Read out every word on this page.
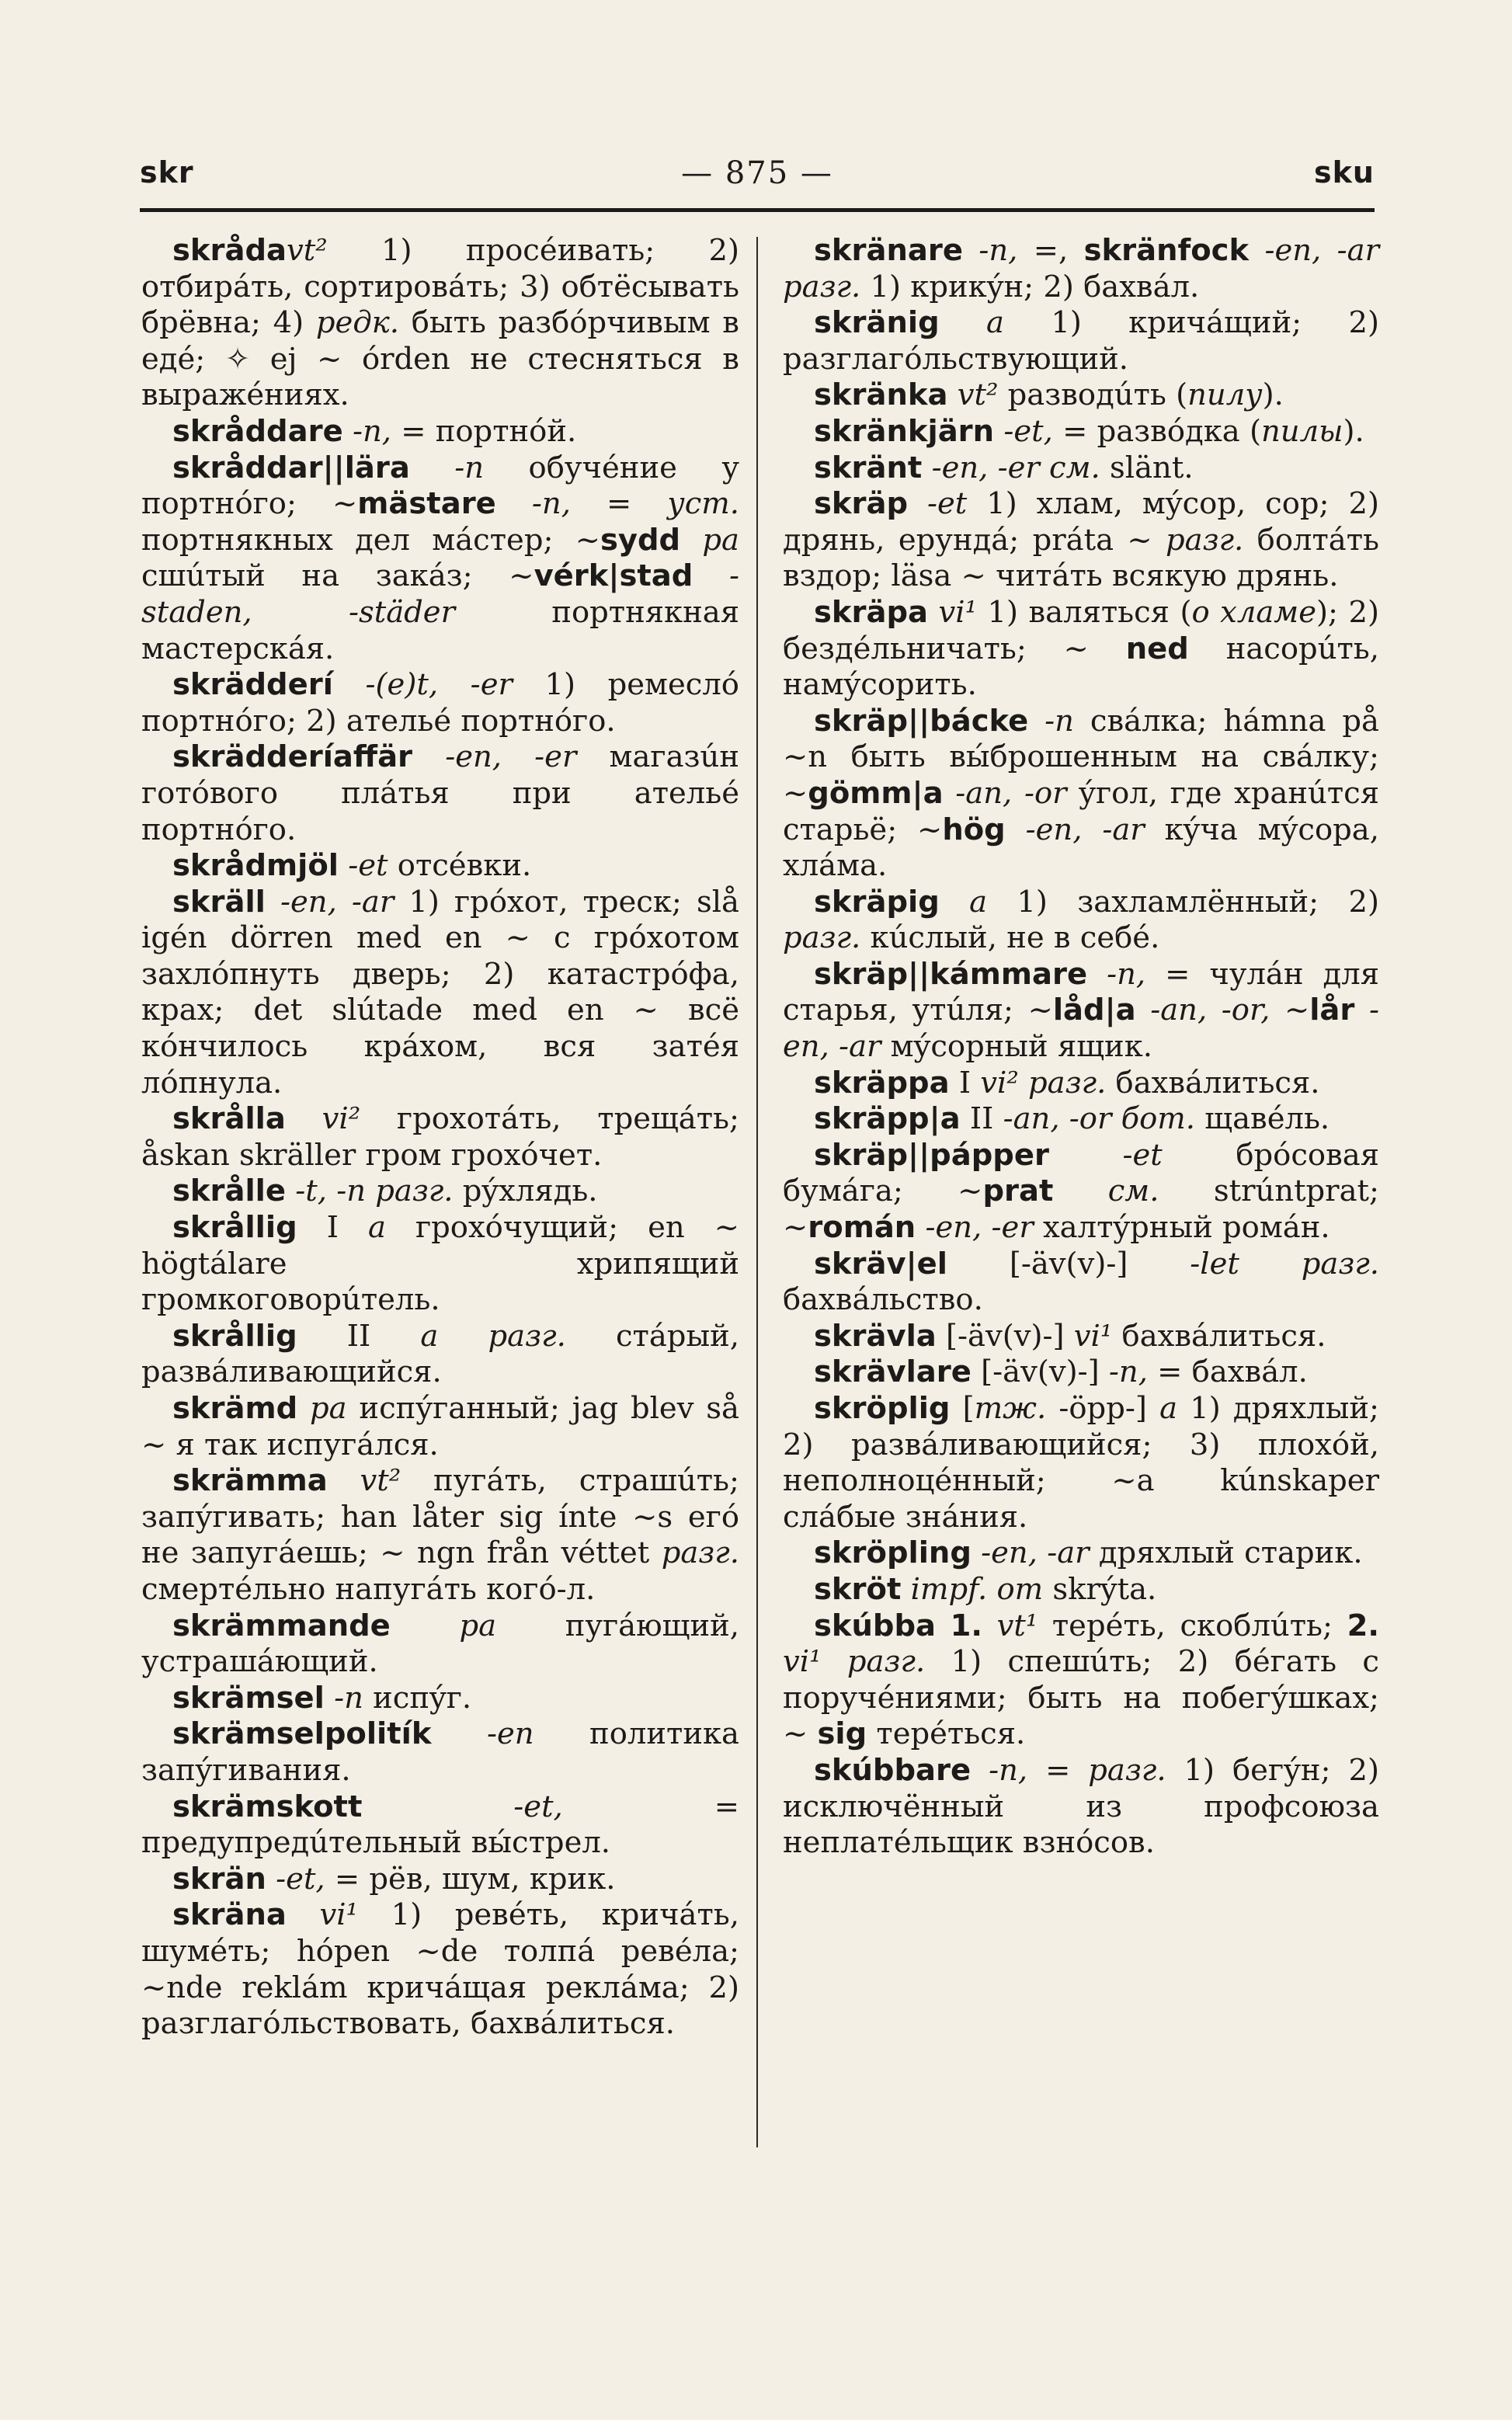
skr	— 875 —	sku

skrådavt² 1) просéивать; 2) отбирáть, сортировáть; 3) обтёсывать брёвна; 4) редк. быть разбóрчивым в едé; ✧ ej ~ órden не стеснятьcя в выражéниях.

skråddare -n, = портнóй.

skråddar||lära -n обучéние у портнóго; ~mästare -n, = уст. портнякных дел мáстер; ~sydd pa сшúтый на закáз; ~vérk|stad -staden, -städer портнякная мастерскáя.

skrädderí -(e)t, -er 1) ремеслó портнóго; 2) ателье́ портнóго.

skrädderíaffär -en, -er магазúн готóвого плáтья при ателье́ портнóго.

skrådmjöl -et отсéвки.

skräll -en, -ar 1) грóхот, треск; slå igén dörren med en ~ с грóхотом захлóпнуть дверь; 2) катастрóфа, крах; det slútade med en ~ всё кóнчилось крáхом, вся затéя лóпнула.

skrålla vi² грохотáть, трещáть; åskan skräller гром грохóчет.

skrålle -t, -n разг. рýхлядь.

skrållig I a грохóчущий; en ~ högtálare хрипящий громкоговорúтель.

skrållig II a разг. стáрый, развáливающийся.

skrämd pa испýганный; jag blev så ~ я так испугáлся.

skrämma vt² пугáть, страшúть; запýгивать; han låter sig ínte ~s егó не запугáешь; ~ ngn från véttet разг. смертéльно напугáть когó-л.

skrämmande pa пугáющий, устрашáющий.

skrämsel -n испýг.

skrämselpolitík -en политика запýгивания.

skrämskott	-et, = предупредúтельный вы́стрел.

skrän -et, = рёв, шум, крик.

skräna vi¹ 1) ревéть, кричáть, шумéть; hópen ~de толпá ревéла; ~nde reklám кричáщая реклáма; 2) разглагóльствовать, бахвáлиться.

skränare -n, =, skränfock -en, -ar разг. 1) крикýн; 2) бахвáл.

skränig a 1) кричáщий; 2) разглагóльствующий.

skränka vt² разводúть (пилу).

skränkjärn -et, = развóдка (пилы).

skränt -en, -er см. slänt.

skräp -et 1) хлам, мýсор, сор; 2) дрянь, ерундá; práta ~ разг. болтáть вздор; läsa ~ читáть всякую дрянь.

skräpa vi¹ 1) валяться (о хламе); 2) безде́льничать; ~ ned насорúть, намýсорить.

skräp||bácke -n свáлка; hámna på ~n быть вы́брошенным на свáлку; ~gömm|a -an, -or ýгол, где хранúтся старьё; ~hög -en, -ar кýча мýсора, хлáма.

skräpig a 1) захламлённый; 2) разг. кúслый, не в себé.

skräp||kámmare -n, = чулáн для старья, утúля; ~låd|a -an, -or, ~lår -en, -ar мýсорный ящик.

skräppa I vi² разг. бахвáлиться.

skräpp|a II -an, -or бот. щавéль.

skräp||pápper -et брóсовая бумáга; ~prat см. strúntprat; ~román -en, -er халтýрный ромáн.

skräv|el [-äv(v)-] -let разг. бахвáльство.

skrävla [-äv(v)-] vi¹ бахвáлиться.

skrävlare [-äv(v)-] -n, = бахвáл.

skröplig [тж. -öpp-] a 1) дряхлый; 2) развáливающийся; 3) плохóй, неполноцéнный; ~a kúnskaper слáбые знáния.

skröpling -en, -ar дряхлый старик.

skröt impf. om skrýta.

skúbba 1. vt¹ терéть, скоблúть; 2. vi¹ разг. 1) спешúть; 2) бéгать с поручéниями; быть на побегýшках; ~ sig терéться.

skúbbare -n, = разг. 1) бегýн; 2) исключённый из профсоюза неплатéльщик взнóсов.
